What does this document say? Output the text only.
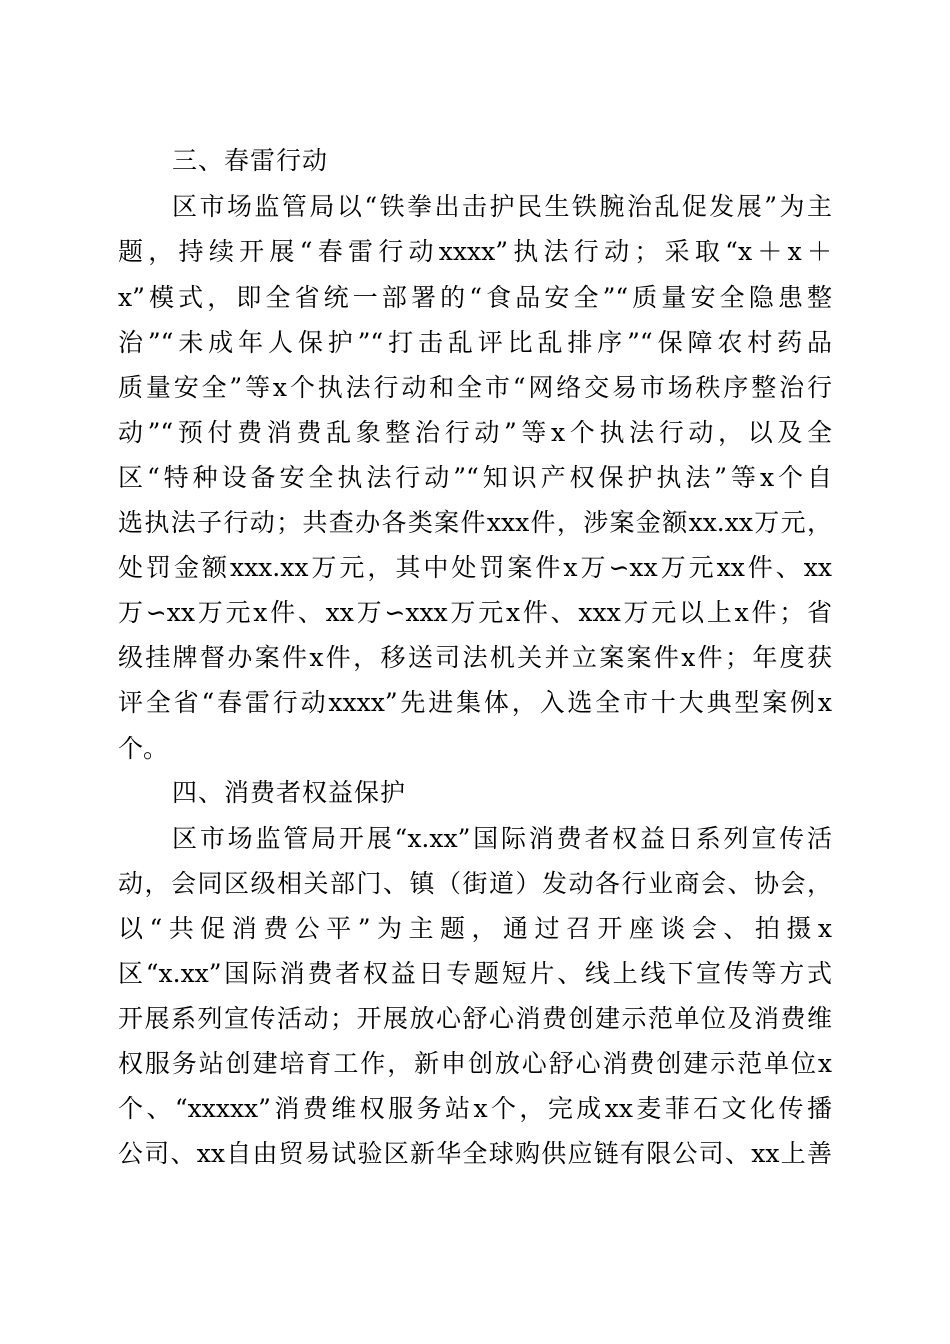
三、春雷行动
区市场监管局以“铁拳出击护民生铁腕治乱促发展”为主
题，持续开展“春雷行动xxxx”执法行动；采取“x＋x＋
x”模式，即全省统一部署的“食品安全”“质量安全隐患整
治”“未成年人保护”“打击乱评比乱排序”“保障农村药品
质量安全”等x个执法行动和全市“网络交易市场秩序整治行
动”“预付费消费乱象整治行动”等x个执法行动，以及全
区“特种设备安全执法行动”“知识产权保护执法”等x个自
选执法子行动；共查办各类案件xxx件，涉案金额xx.xx万元，
处罚金额xxx.xx万元，其中处罚案件x万∽xx万元xx件、xx
万∽xx万元x件、xx万∽xxx万元x件、xxx万元以上x件；省
级挂牌督办案件x件，移送司法机关并立案案件x件；年度获
评全省“春雷行动xxxx”先进集体，入选全市十大典型案例x
个。
四、消费者权益保护
区市场监管局开展“x.xx”国际消费者权益日系列宣传活
动，会同区级相关部门、镇（街道）发动各行业商会、协会，
以“共促消费公平”为主题，通过召开座谈会、拍摄x
区“x.xx”国际消费者权益日专题短片、线上线下宣传等方式
开展系列宣传活动；开展放心舒心消费创建示范单位及消费维
权服务站创建培育工作，新申创放心舒心消费创建示范单位x
个、“xxxxx”消费维权服务站x个，完成xx麦菲石文化传播
公司、xx自由贸易试验区新华全球购供应链有限公司、xx上善
